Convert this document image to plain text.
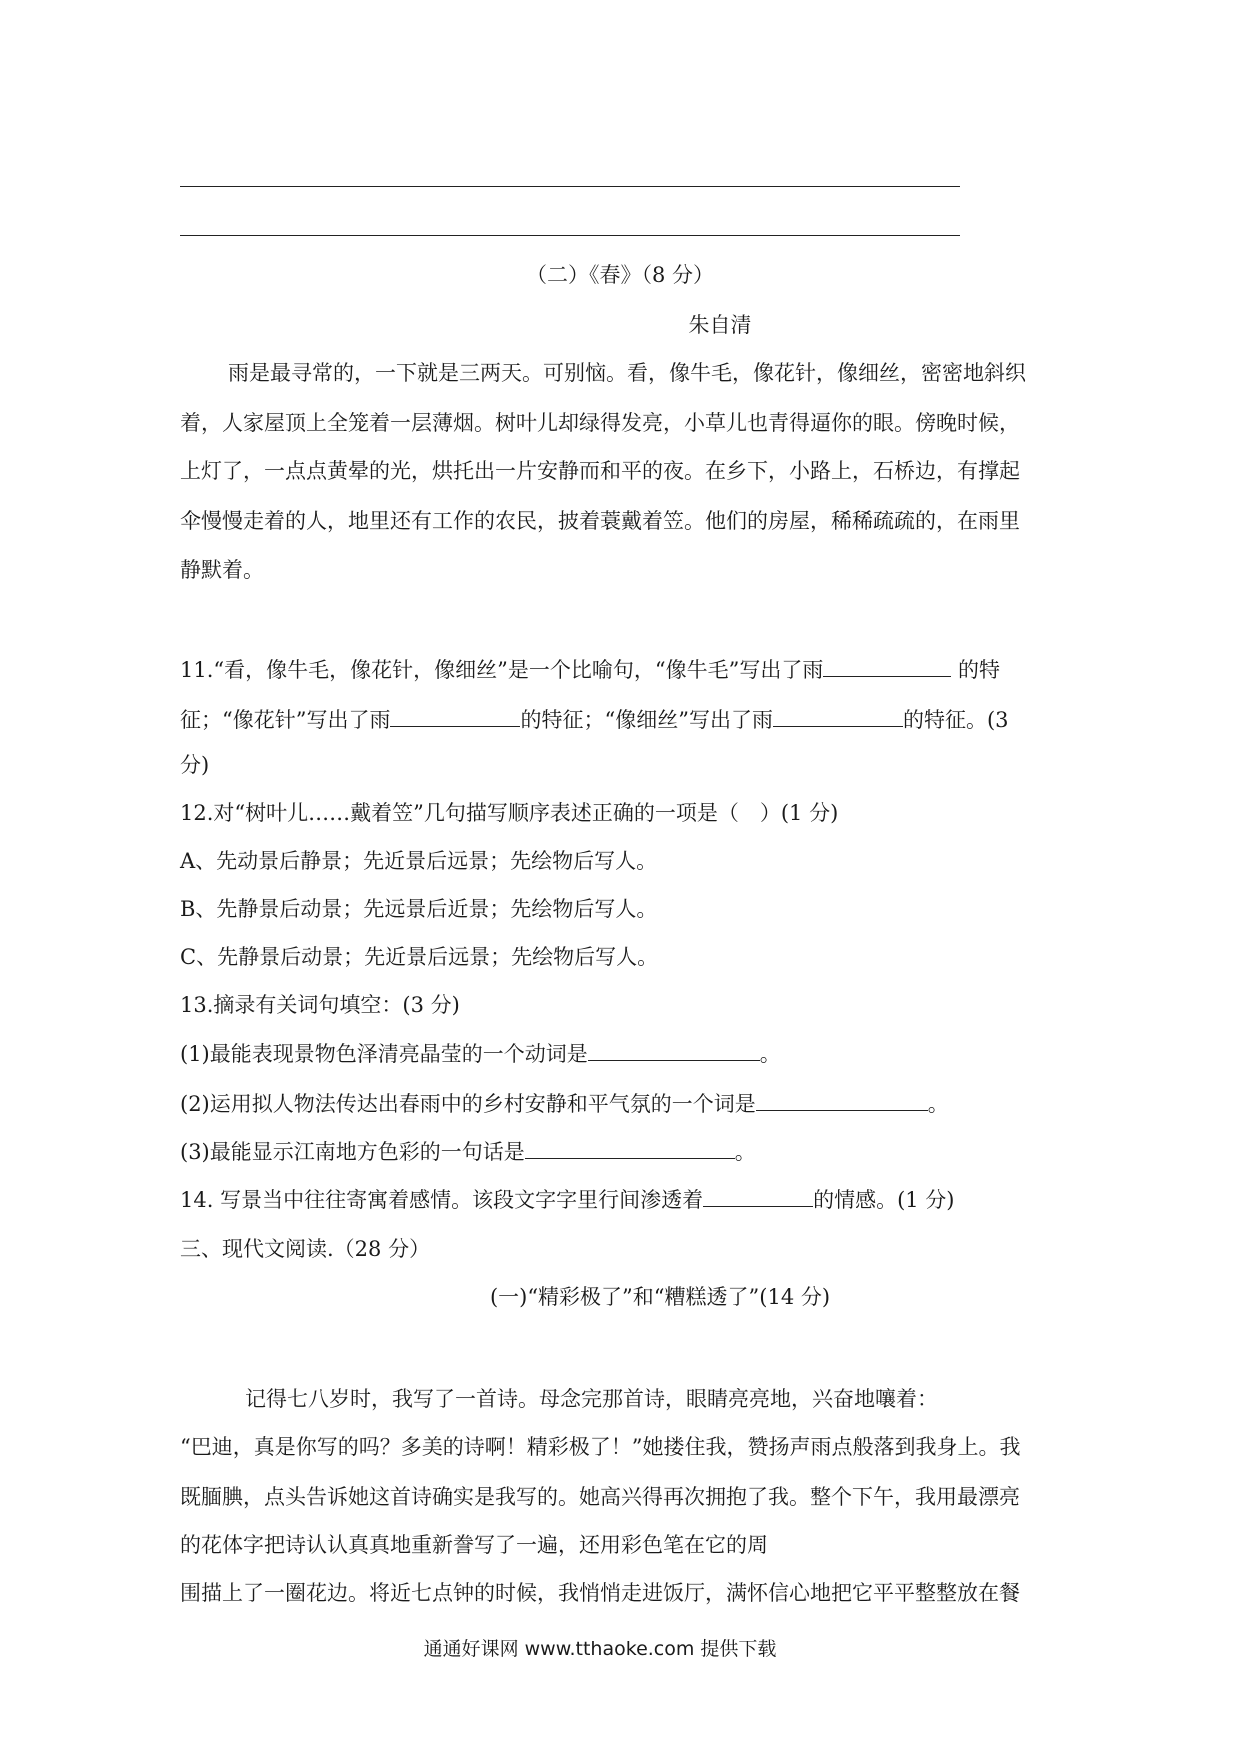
（二）《春》（8 分）
朱自清
雨是最寻常的，一下就是三两天。可别恼。看，像牛毛，像花针，像细丝，密密地斜织
着，人家屋顶上全笼着一层薄烟。树叶儿却绿得发亮，小草儿也青得逼你的眼。傍晚时候，
上灯了，一点点黄晕的光，烘托出一片安静而和平的夜。在乡下，小路上，石桥边，有撑起
伞慢慢走着的人，地里还有工作的农民，披着蓑戴着笠。他们的房屋，稀稀疏疏的，在雨里
静默着。
11.“看，像牛毛，像花针，像细丝”是一个比喻句，“像牛毛”写出了雨	的特
征；“像花针”写出了雨	的特征；“像细丝”写出了雨	的特征。(3
分)
12.对“树叶儿……戴着笠”几句描写顺序表述正确的一项是（　）(1 分)
A、先动景后静景；先近景后远景；先绘物后写人。
B、先静景后动景；先远景后近景；先绘物后写人。
C、先静景后动景；先近景后远景；先绘物后写人。
13.摘录有关词句填空：(3 分)
(1)最能表现景物色泽清亮晶莹的一个动词是	。
(2)运用拟人物法传达出春雨中的乡村安静和平气氛的一个词是	。
(3)最能显示江南地方色彩的一句话是	。
14. 写景当中往往寄寓着感情。该段文字字里行间渗透着	的情感。(1 分)
三、现代文阅读.（28 分）
(一)“精彩极了”和“糟糕透了”(14 分)
记得七八岁时，我写了一首诗。母念完那首诗，眼睛亮亮地，兴奋地嚷着：
“巴迪，真是你写的吗？多美的诗啊！精彩极了！”她搂住我，赞扬声雨点般落到我身上。我
既腼腆，点头告诉她这首诗确实是我写的。她高兴得再次拥抱了我。整个下午，我用最漂亮
的花体字把诗认认真真地重新誊写了一遍，还用彩色笔在它的周
围描上了一圈花边。将近七点钟的时候，我悄悄走进饭厅，满怀信心地把它平平整整放在餐
通通好课网 www.tthaoke.com 提供下载
